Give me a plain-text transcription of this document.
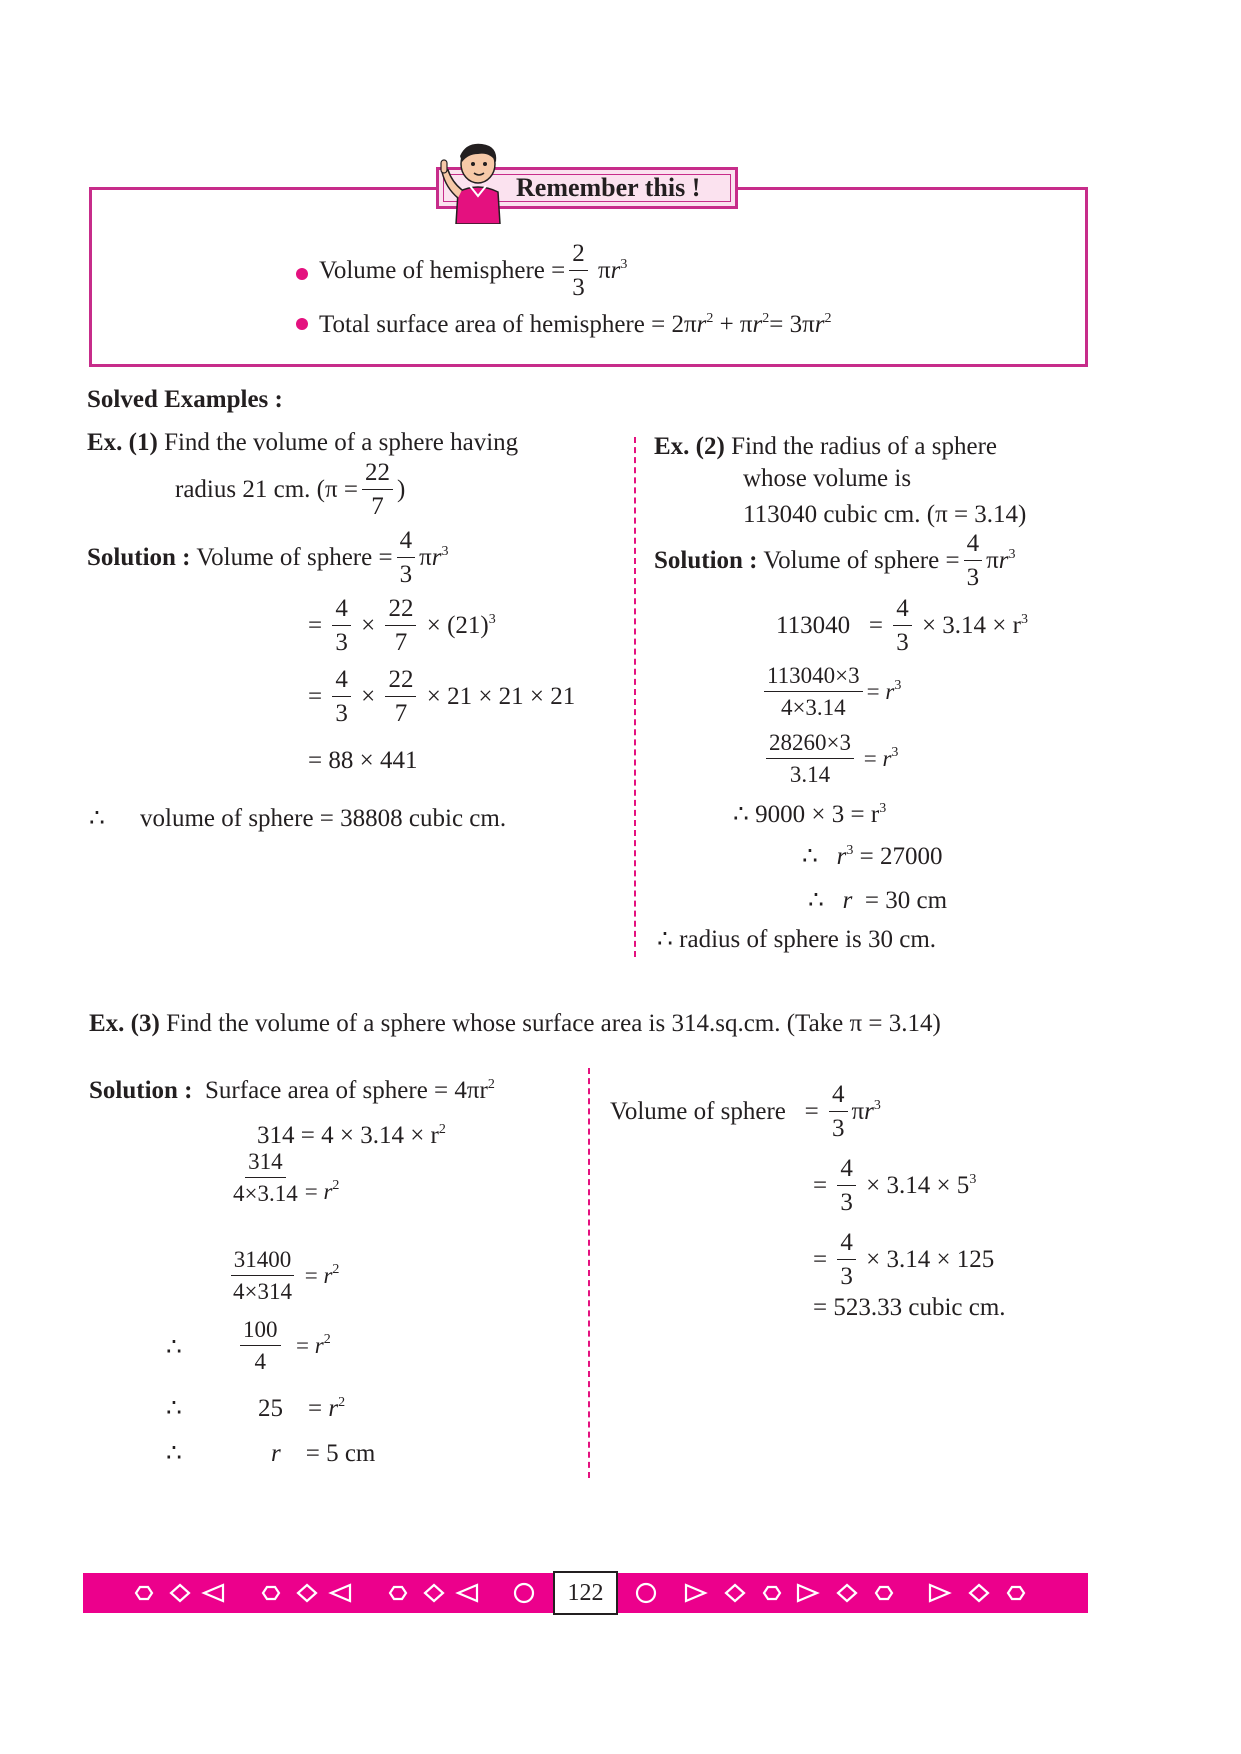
Remember this !
Volume of hemisphere = $\frac{2}{3} \pi r^3$
Total surface area of hemisphere = $2\pi r^2 + \pi r^2= 3\pi r^2$
Solved Examples :
Ex. (1) Find the volume of a sphere having
radius 21 cm. ($\pi = \frac{22}{7}$ )
Solution : Volume of sphere = $\frac{4}{3} \pi r^3$
= $\frac{4}{3} \times \frac{22}{7} \times (21)^3$
= $\frac{4}{3} \times \frac{22}{7} \times 21 \times 21 \times 21$
= 88 × 441
∴ volume of sphere = 38808 cubic cm.
Ex. (2) Find the radius of a sphere
whose volume is
113040 cubic cm. (π = 3.14)
Solution : Volume of sphere = $\frac{4}{3} \pi r^3$
$113040 = \frac{4}{3} \times 3.14 \times r^3$
$\frac{113040\times 3}{4\times 3.14} = r^3$
$\frac{28260\times 3}{3.14} = r^3$
∴ $9000 \times 3 = r^3$
∴   $r^3 = 27000$
∴   r  = 30 cm
∴ radius of sphere is 30 cm.
Ex. (3) Find the volume of a sphere whose surface area is 314.sq.cm. (Take π = 3.14)
Solution : Surface area of sphere = $4\pi r^2$
$314 = 4 \times 3.14 \times r^2$
$\frac{314}{4\times 3.14} = r^2$
$\frac{31400}{4\times 314} = r^2$
∴	$\frac{100}{4} = r^2$
∴	25    = $r^2$
∴	r = 5 cm
Volume of sphere   = $\frac{4}{3} \pi r^3$
= $\frac{4}{3} \times 3.14 \times 5^3$
= $\frac{4}{3} \times 3.14 \times 125$
= 523.33 cubic cm.
122
